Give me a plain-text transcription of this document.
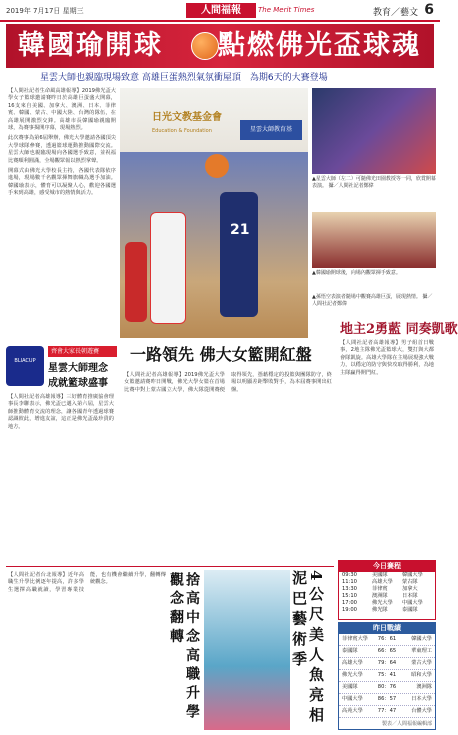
2019年 7月17日 星期三	人間福報	The Merit Times	教育／藝文 6
韓國瑜開球 點燃佛光盃球魂
星雲大師也親臨現場致意 高雄巨蛋熱烈氣氛衝屋頂　為期6天的大賽登場

【人間社記者生命風高雄報導】2019佛光盃大學女子籃球邀請賽昨日於高雄巨蛋盛大開幕，16支來自美國、加拿大、澳洲、日本、菲律賓、韓國、蒙古、中國大陸、台灣的隊伍，在高雄展開激烈交鋒。高雄市長韓國瑜親臨開球，為賽事揭開序幕，現場熱烈。

此次賽事為第6屆舉辦，佛光大學邀請各國頂尖大學球隊參賽，透過籃球運動推動國際交流。星雲大師也親臨現場向各國選手致意，並祝福比賽順利圓滿，全場觀眾報以熱烈掌聲。

開幕式由佛光大學校長主持，各國代表隊依序進場，現場數千名觀眾揮舞旗幟為選手加油。韓國瑜表示，體育可以凝聚人心，歡迎各國選手來到高雄，感受城市的熱情與活力。

日光文教基金會
Education & Foundation	星雲大師教育基
21
▲星雲大師（左二）可隨佛光田園教授等一同，欣賞開幕表演。 攝／人間社記者鄭偉
▲韓國瑜開球後，向場內觀眾揮手致意。
▲孫悟空表演者隨場中觀賽高雄巨蛋，展現熱情。 攝／人間社記者鄭偉
地主2勇藍 同奏凱歌
【人間社記者高雄報導】男子組首日戰事，2地主隊佛光盃籃球大，雙打與大都會隊凱旋。高雄大學隊在主場展現強大戰力，以穩定的防守與快攻取得勝利，為地主隊贏得開門紅。
一路領先 佛大女籃開紅盤
【人間社記者高雄報導】2019佛光盃大學女籃邀請賽昨日開戰，佛光大學女籃在首場比賽中對上蒙古國立大學，佛大隊從開賽便取得領先，憑藉穩定的投籃與團隊防守，終場以明顯差距擊敗對手，為本屆賽事開出紅盤。
BLIACUP
齊會大家長朝遊賽
星雲大師理念 成就籃球盛事
【人間社記者高雄報導】三好體育推廣協會理事長李聯表示，佛光盃已邁入第六屆，星雲大師推動體育交流的理念，讓各國青年透過球賽認識彼此，增進友誼，這正是佛光盃最珍貴的地方。
【人間社記者台北報導】近年高職生升學比例逐年提高，許多學生選擇高職就讀，學習專業技能，也有機會繼續升學，翻轉傳統觀念。	捨 高 中 念 高 職 升 學 觀 念 翻 轉	4 公 尺 美 人 魚 亮 相 泥 巴 藝 術 季
今日賽程
09:30	美國隊	韓國大學
11:10	高雄大學	蒙古隊
13:30	菲律賓	加拿大
15:10	澳洲隊	日本隊
17:00	佛光大學	中國大學
19:00	佛光隊	泰國隊
昨日戰績
菲律賓大學	76：61	韓國大學
泰國隊	66：65	華東理工
高雄大學	79：64	蒙古大學
佛光大學	75：41	昭和大學
美國隊	80：76	澳洲隊
中國大學	86：57	日本大學
高苑大學	77：47	台體大學
製表／人間福報編輯部
